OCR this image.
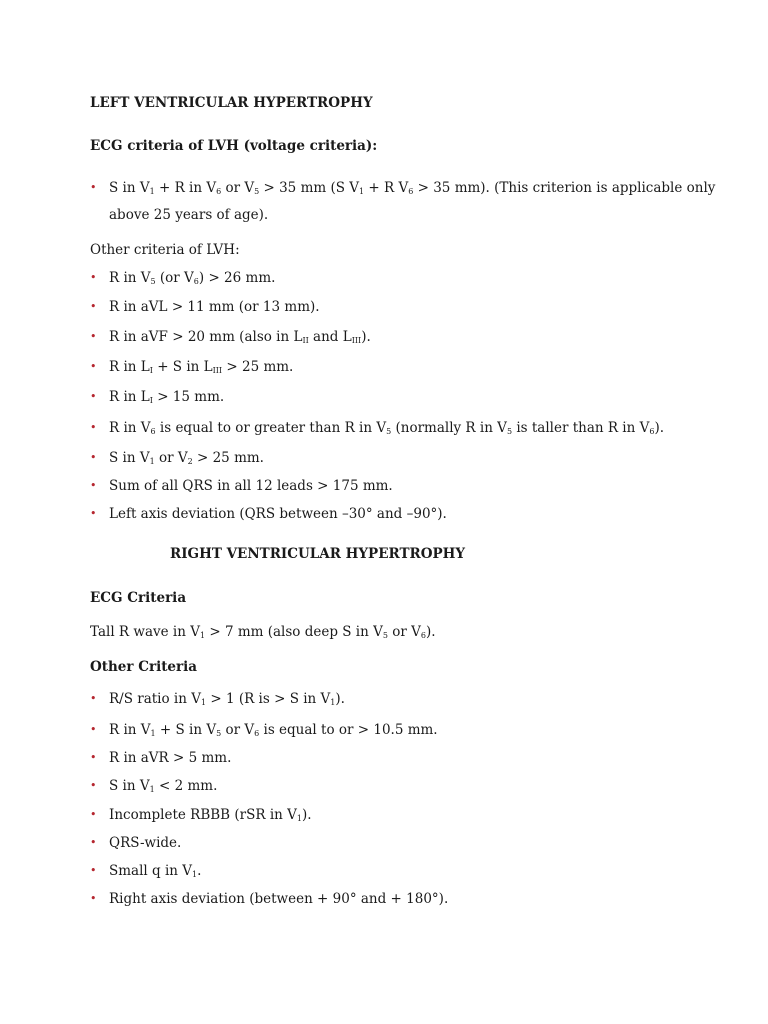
LEFT VENTRICULAR HYPERTROPHY
ECG criteria of LVH (voltage criteria):
• S in $V_1 + R$ in $V_6$ or $V_5 > 35$ mm (S $V_1 + R$ $V_6 > 35$ mm). (This criterion is applicable only
above 25 years of age).
Other criteria of LVH:
• R in $V_5$ (or $V_6) > 26$ mm.
• R in aVL > 11 mm (or 13 mm).
• R in aVF > 20 mm (also in $L_{II}$ and $L_{III}$).
• R in $L_I + S$ in $L_{III} > 25$ mm.
• R in $L_I > 15$ mm.
• R in $V_6$ is equal to or greater than R in $V_5$ (normally R in $V_5$ is taller than R in $V_6$).
• S in $V_1$ or $V_2 > 25$ mm.
• Sum of all QRS in all 12 leads > 175 mm.
• Left axis deviation (QRS between –30° and –90°).
RIGHT VENTRICULAR HYPERTROPHY
ECG Criteria
Tall R wave in $V_1 > 7$ mm (also deep S in $V_5$ or $V_6$).
Other Criteria
• R/S ratio in $V_1 > 1$ (R is > S in $V_1$).
• R in $V_1 + S$ in $V_5$ or $V_6$ is equal to or > 10.5 mm.
• R in aVR > 5 mm.
• S in $V_1 < 2$ mm.
• Incomplete RBBB (rSR in $V_1$).
• QRS-wide.
• Small q in $V_1$.
• Right axis deviation (between + 90° and + 180°).
